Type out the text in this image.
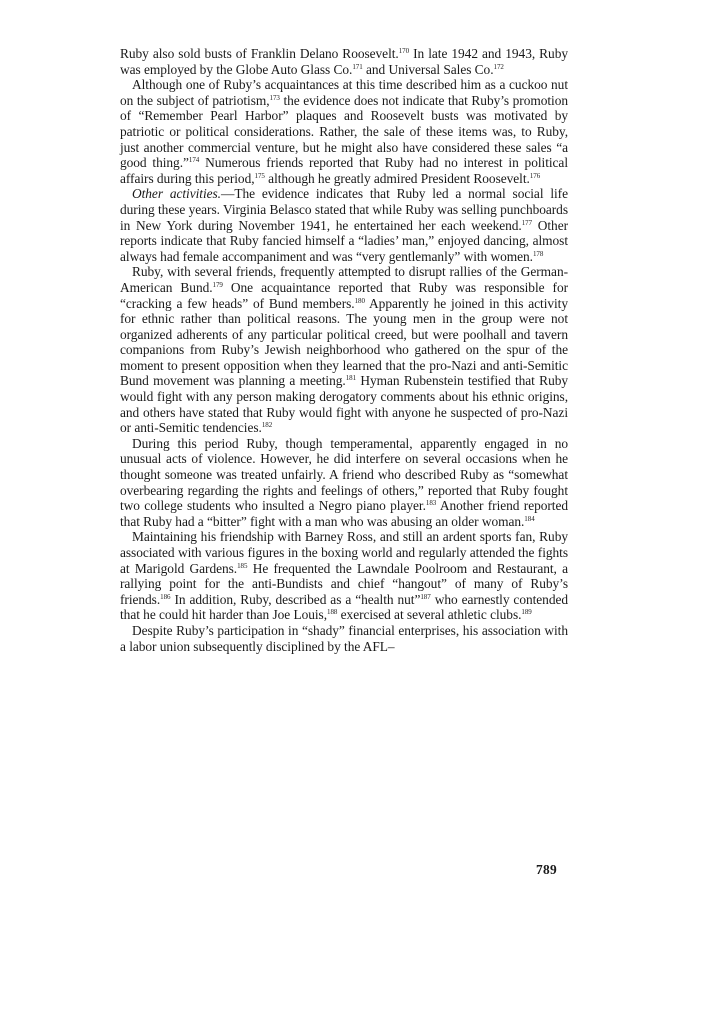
Ruby also sold busts of Franklin Delano Roosevelt.$^{170}$ In late 1942 and 1943, Ruby was employed by the Globe Auto Glass Co.$^{171}$ and Universal Sales Co.$^{172}$

Although one of Ruby’s acquaintances at this time described him as a cuckoo nut on the subject of patriotism,$^{173}$ the evidence does not indicate that Ruby’s promotion of “Remember Pearl Harbor” plaques and Roosevelt busts was motivated by patriotic or political considerations. Rather, the sale of these items was, to Ruby, just another commercial venture, but he might also have considered these sales “a good thing.”$^{174}$ Numerous friends reported that Ruby had no interest in political affairs during this period,$^{175}$ although he greatly admired President Roosevelt.$^{176}$

Other activities.—The evidence indicates that Ruby led a normal social life during these years. Virginia Belasco stated that while Ruby was selling punchboards in New York during November 1941, he entertained her each weekend.$^{177}$ Other reports indicate that Ruby fancied himself a “ladies’ man,” enjoyed dancing, almost always had female accompaniment and was “very gentlemanly” with women.$^{178}$

Ruby, with several friends, frequently attempted to disrupt rallies of the German-American Bund.$^{179}$ One acquaintance reported that Ruby was responsible for “cracking a few heads” of Bund members.$^{180}$ Apparently he joined in this activity for ethnic rather than political reasons. The young men in the group were not organized adherents of any particular political creed, but were poolhall and tavern companions from Ruby’s Jewish neighborhood who gathered on the spur of the moment to present opposition when they learned that the pro-Nazi and anti-Semitic Bund movement was planning a meeting.$^{181}$ Hyman Rubenstein testified that Ruby would fight with any person making derogatory comments about his ethnic origins, and others have stated that Ruby would fight with anyone he suspected of pro-Nazi or anti-Semitic tendencies.$^{182}$

During this period Ruby, though temperamental, apparently engaged in no unusual acts of violence. However, he did interfere on several occasions when he thought someone was treated unfairly. A friend who described Ruby as “somewhat overbearing regarding the rights and feelings of others,” reported that Ruby fought two college students who insulted a Negro piano player.$^{183}$ Another friend reported that Ruby had a “bitter” fight with a man who was abusing an older woman.$^{184}$

Maintaining his friendship with Barney Ross, and still an ardent sports fan, Ruby associated with various figures in the boxing world and regularly attended the fights at Marigold Gardens.$^{185}$ He frequented the Lawndale Poolroom and Restaurant, a rallying point for the anti-Bundists and chief “hangout” of many of Ruby’s friends.$^{186}$ In addition, Ruby, described as a “health nut”$^{187}$ who earnestly contended that he could hit harder than Joe Louis,$^{188}$ exercised at several athletic clubs.$^{189}$

Despite Ruby’s participation in “shady” financial enterprises, his association with a labor union subsequently disciplined by the AFL–

789
